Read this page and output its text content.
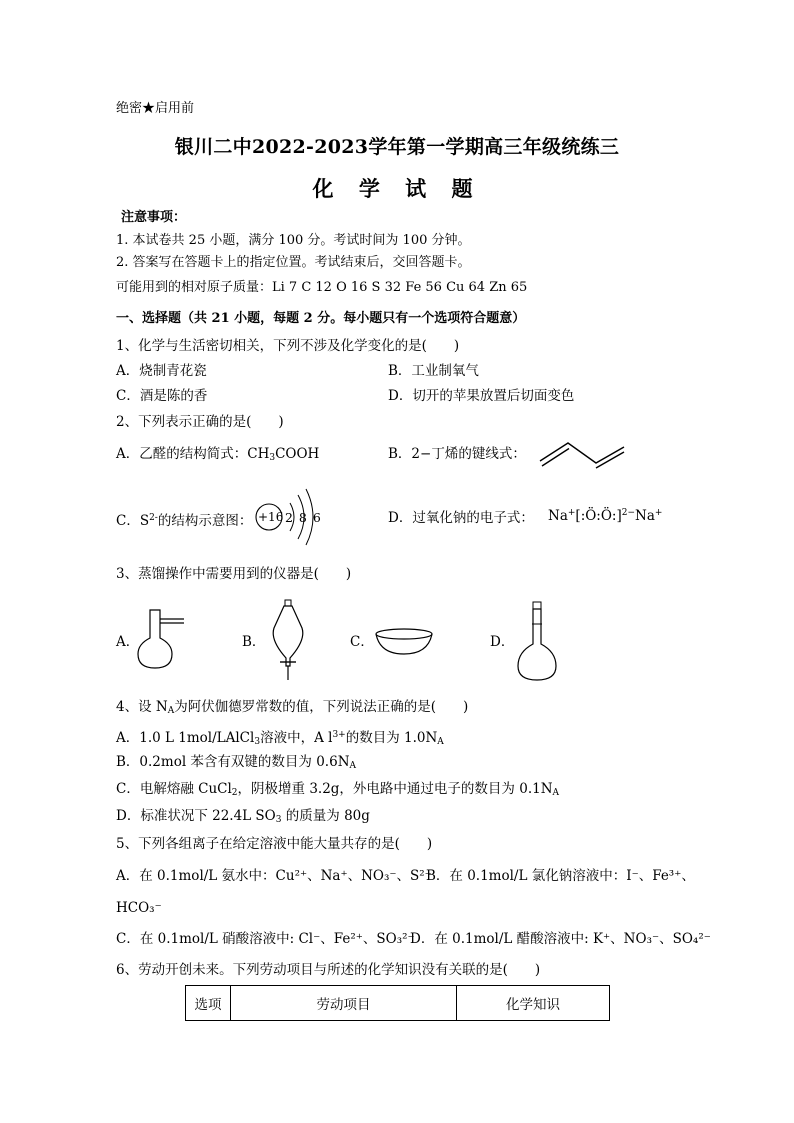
绝密★启用前
银川二中2022-2023学年第一学期高三年级统练三
化 学 试 题
注意事项：
1. 本试卷共 25 小题，满分 100 分。考试时间为 100 分钟。
2. 答案写在答题卡上的指定位置。考试结束后，交回答题卡。
可能用到的相对原子质量：Li 7 C 12 O 16 S 32 Fe 56 Cu 64 Zn 65
一、选择题（共 21 小题，每题 2 分。每小题只有一个选项符合题意）
1、化学与生活密切相关，下列不涉及化学变化的是(　　)
A．烧制青花瓷	B．工业制氧气
C．酒是陈的香	D．切开的苹果放置后切面变色
2、下列表示正确的是(　　)
A．乙醛的结构简式：$CH_3COOH$	B．2−丁烯的键线式：
C．$S^{2-}$的结构示意图： +16 2 8 6	D．过氧化钠的电子式： Na+[:Ö:Ö:]$^{2-}$Na+
3、蒸馏操作中需要用到的仪器是(　　)
A．	B．	C．	D．
4、设 $N_A$为阿伏伽德罗常数的值，下列说法正确的是(　　)
A．1.0 L 1mol/LAlCl$_3$溶液中，A $l^{3+}$的数目为 $1.0N_A$
B．0.2mol 苯含有双键的数目为 $0.6N_A$
C．电解熔融 CuCl$_2$，阴极增重 3.2g，外电路中通过电子的数目为 $0.1N_A$
D．标准状况下 22.4L $SO_3$ 的质量为 80g
5、下列各组离子在给定溶液中能大量共存的是(　　)
A．在 0.1mol/L 氨水中：Cu²⁺、Na⁺、NO₃⁻、S²⁻
B．在 0.1mol/L 氯化钠溶液中：I⁻、Fe³⁺、
HCO₃⁻
C．在 0.1mol/L 硝酸溶液中: Cl⁻、Fe²⁺、SO₃²⁻
D．在 0.1mol/L 醋酸溶液中: K⁺、NO₃⁻、SO₄²⁻
6、劳动开创未来。下列劳动项目与所述的化学知识没有关联的是(　　)
选项	劳动项目	化学知识
